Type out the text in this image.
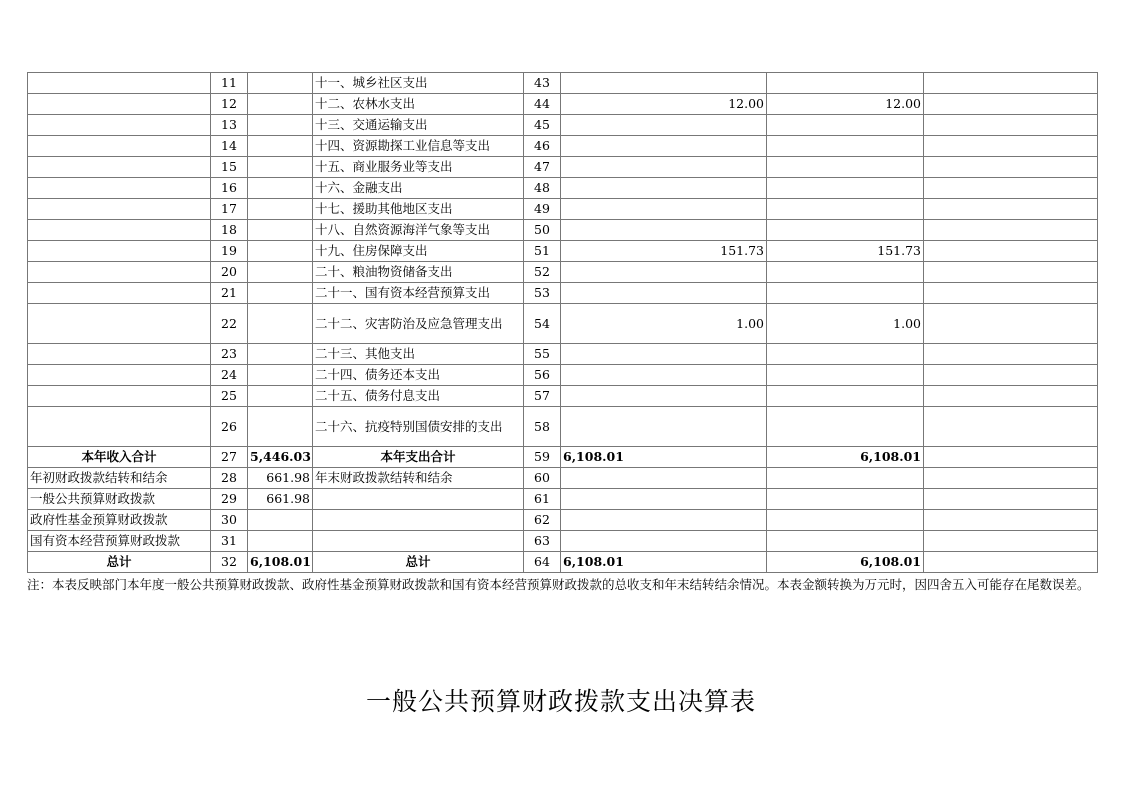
	11		十一、城乡社区支出	43			
	12		十二、农林水支出	44	12.00	12.00	
	13		十三、交通运输支出	45			
	14		十四、资源勘探工业信息等支出	46			
	15		十五、商业服务业等支出	47			
	16		十六、金融支出	48			
	17		十七、援助其他地区支出	49			
	18		十八、自然资源海洋气象等支出	50			
	19		十九、住房保障支出	51	151.73	151.73	
	20		二十、粮油物资储备支出	52			
	21		二十一、国有资本经营预算支出	53			
	22		二十二、灾害防治及应急管理支出	54	1.00	1.00	
	23		二十三、其他支出	55			
	24		二十四、债务还本支出	56			
	25		二十五、债务付息支出	57			
	26		二十六、抗疫特别国债安排的支出	58			
本年收入合计	27	5,446.03	本年支出合计	59	6,108.01	6,108.01	
年初财政拨款结转和结余	28	661.98	年末财政拨款结转和结余	60			
一般公共预算财政拨款	29	661.98		61			
政府性基金预算财政拨款	30			62			
国有资本经营预算财政拨款	31			63			
总计	32	6,108.01	总计	64	6,108.01	6,108.01	
注：本表反映部门本年度一般公共预算财政拨款、政府性基金预算财政拨款和国有资本经营预算财政拨款的总收支和年末结转结余情况。本表金额转换为万元时，因四舍五入可能存在尾数误差。
一般公共预算财政拨款支出决算表
